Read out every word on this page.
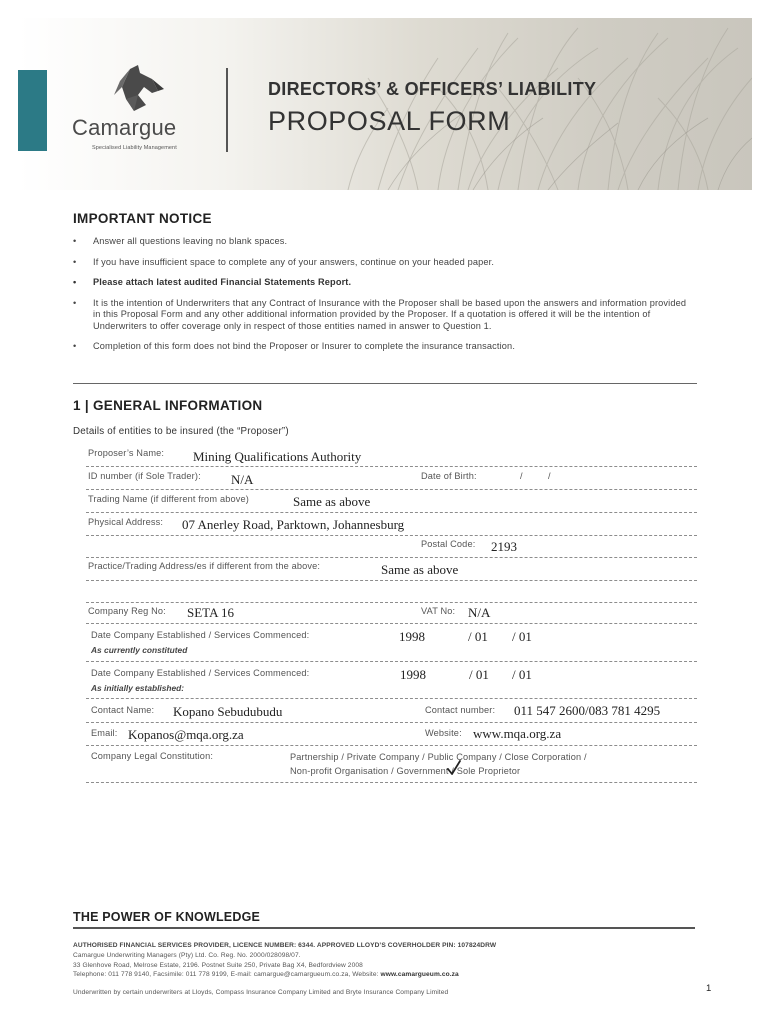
Camargue
Specialised Liability Management
DIRECTORS’ & OFFICERS’ LIABILITY
PROPOSAL FORM
IMPORTANT NOTICE
• Answer all questions leaving no blank spaces.
• If you have insufficient space to complete any of your answers, continue on your headed paper.
• Please attach latest audited Financial Statements Report.
• It is the intention of Underwriters that any Contract of Insurance with the Proposer shall be based upon the answers and information provided in this Proposal Form and any other additional information provided by the Proposer. If a quotation is offered it will be the intention of Underwriters to offer coverage only in respect of those entities named in answer to Question 1.
• Completion of this form does not bind the Proposer or Insurer to complete the insurance transaction.
1 | GENERAL INFORMATION
Details of entities to be insured (the “Proposer”)
Proposer’s Name: Mining Qualifications Authority
ID number (if Sole Trader): N/A	Date of Birth:	/	/
Trading Name (if different from above)	Same as above
Physical Address: 07 Anerley Road, Parktown, Johannesburg
Postal Code: 2193
Practice/Trading Address/es if different from the above:	Same as above
Company Reg No: SETA 16	VAT No: N/A
Date Company Established / Services Commenced:
As currently constituted
1998	/ 01 / 01
Date Company Established / Services Commenced:
As initially established:
1998	/ 01 / 01
Contact Name: Kopano Sebudubudu	Contact number: 011 547 2600/083 781 4295
Email: Kopanos@mqa.org.za	Website: www.mqa.org.za
Company Legal Constitution:	Partnership / Private Company / Public Company / Close Corporation /
Non-profit Organisation / Government / Sole Proprietor
THE POWER OF KNOWLEDGE
AUTHORISED FINANCIAL SERVICES PROVIDER, LICENCE NUMBER: 6344. APPROVED LLOYD’S COVERHOLDER PIN: 107824DRW
Camargue Underwriting Managers (Pty) Ltd. Co. Reg. No. 2000/028098/07.
33 Glenhove Road, Melrose Estate, 2196. Postnet Suite 250, Private Bag X4, Bedfordview 2008
Telephone: 011 778 9140, Facsimile: 011 778 9199, E-mail: camargue@camargueum.co.za, Website: www.camargueum.co.za
Underwritten by certain underwriters at Lloyds, Compass Insurance Company Limited and Bryte Insurance Company Limited	1
